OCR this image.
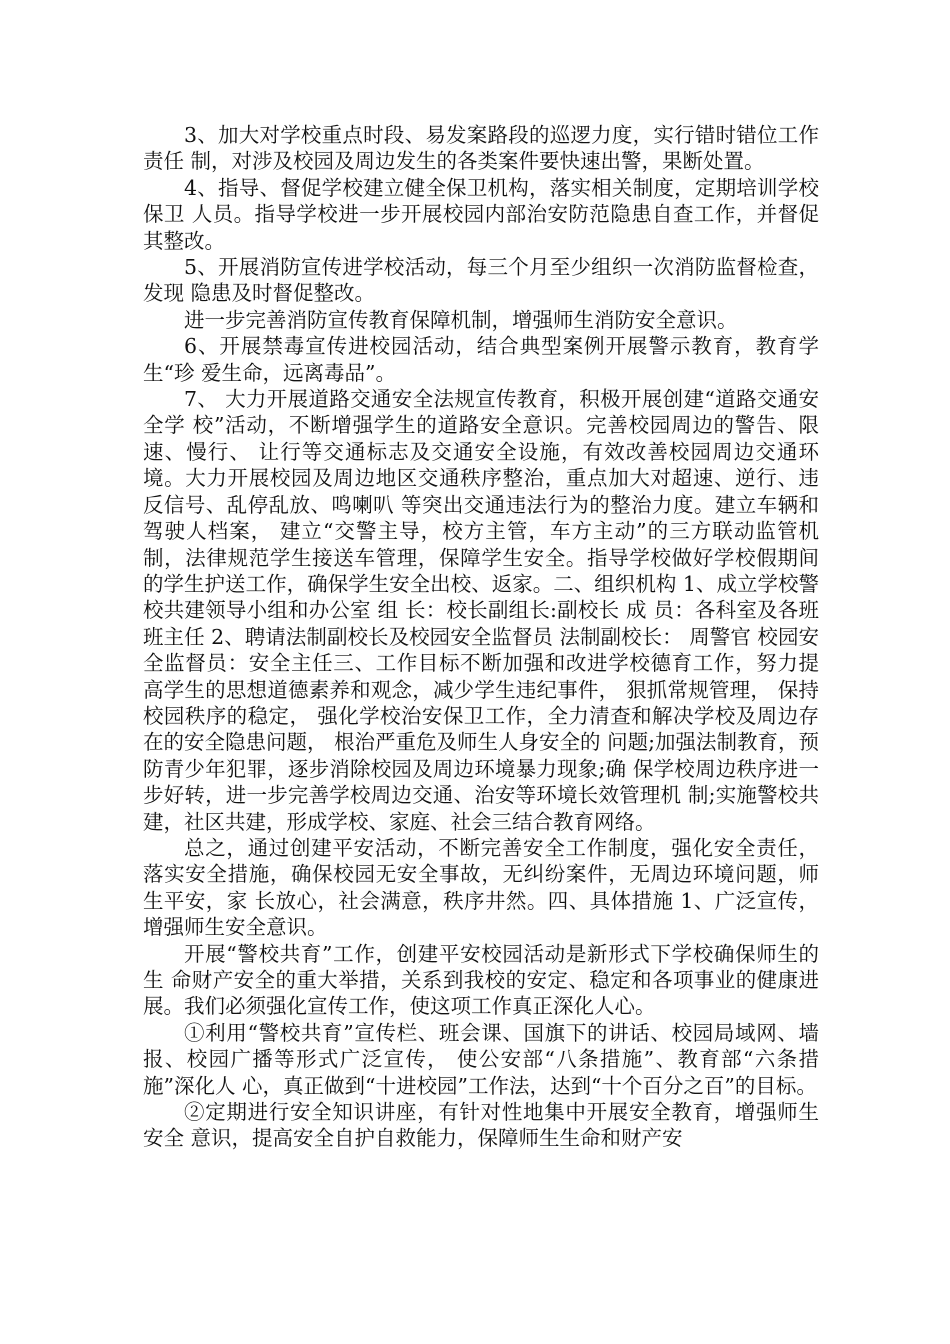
3、加大对学校重点时段、易发案路段的巡逻力度，实行错时错位工作责任 制，对涉及校园及周边发生的各类案件要快速出警，果断处置。

4、指导、督促学校建立健全保卫机构，落实相关制度，定期培训学校保卫 人员。指导学校进一步开展校园内部治安防范隐患自查工作，并督促其整改。

5、开展消防宣传进学校活动，每三个月至少组织一次消防监督检查，发现 隐患及时督促整改。

进一步完善消防宣传教育保障机制，增强师生消防安全意识。

6、开展禁毒宣传进校园活动，结合典型案例开展警示教育，教育学生“珍 爱生命，远离毒品”。

7、 大力开展道路交通安全法规宣传教育，积极开展创建“道路交通安全学 校”活动，不断增强学生的道路安全意识。完善校园周边的警告、限速、慢行、 让行等交通标志及交通安全设施，有效改善校园周边交通环境。大力开展校园及周边地区交通秩序整治，重点加大对超速、逆行、违反信号、乱停乱放、鸣喇叭 等突出交通违法行为的整治力度。建立车辆和驾驶人档案， 建立“交警主导，校方主管，车方主动”的三方联动监管机制，法律规范学生接送车管理，保障学生安全。指导学校做好学校假期间的学生护送工作，确保学生安全出校、返家。二、组织机构 1、成立学校警校共建领导小组和办公室 组 长：校长副组长:副校长 成 员：各科室及各班班主任 2、聘请法制副校长及校园安全监督员 法制副校长： 周警官 校园安全监督员：安全主任三、工作目标不断加强和改进学校德育工作，努力提高学生的思想道德素养和观念，减少学生违纪事件， 狠抓常规管理， 保持校园秩序的稳定， 强化学校治安保卫工作，全力清查和解决学校及周边存在的安全隐患问题， 根治严重危及师生人身安全的 问题;加强法制教育，预防青少年犯罪，逐步消除校园及周边环境暴力现象;确 保学校周边秩序进一步好转，进一步完善学校周边交通、治安等环境长效管理机 制;实施警校共建，社区共建，形成学校、家庭、社会三结合教育网络。

总之，通过创建平安活动，不断完善安全工作制度，强化安全责任，落实安全措施，确保校园无安全事故，无纠纷案件，无周边环境问题，师生平安，家 长放心，社会满意，秩序井然。四、具体措施 1、广泛宣传，增强师生安全意识。

开展“警校共育”工作，创建平安校园活动是新形式下学校确保师生的生 命财产安全的重大举措，关系到我校的安定、稳定和各项事业的健康进展。我们必须强化宣传工作，使这项工作真正深化人心。

①利用“警校共育”宣传栏、班会课、国旗下的讲话、校园局域网、墙报、校园广播等形式广泛宣传， 使公安部“八条措施”、教育部“六条措施”深化人 心，真正做到“十进校园”工作法，达到“十个百分之百”的目标。

②定期进行安全知识讲座，有针对性地集中开展安全教育，增强师生安全 意识，提高安全自护自救能力，保障师生生命和财产安
